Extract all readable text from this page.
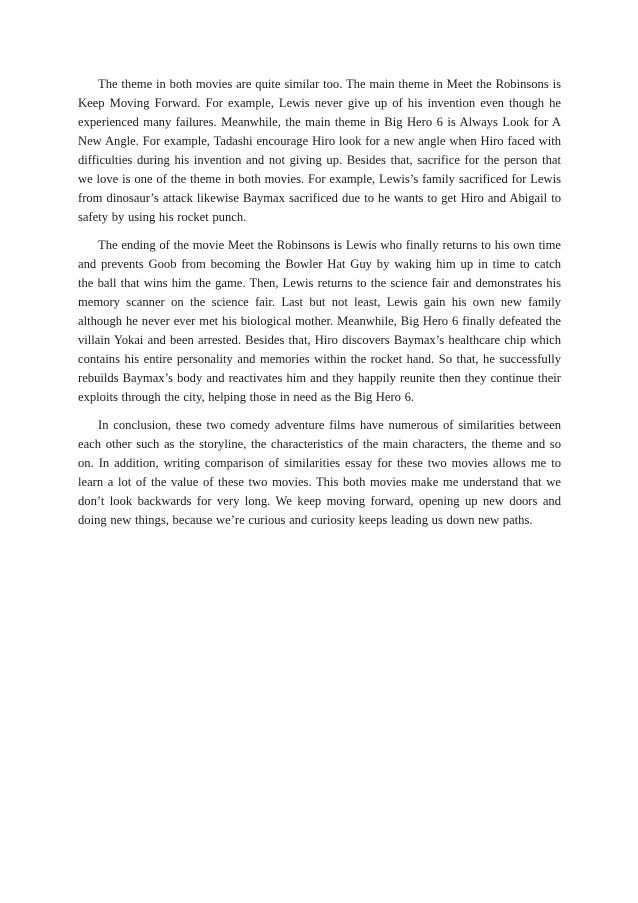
The theme in both movies are quite similar too. The main theme in Meet the Robinsons is Keep Moving Forward. For example, Lewis never give up of his invention even though he experienced many failures. Meanwhile, the main theme in Big Hero 6 is Always Look for A New Angle. For example, Tadashi encourage Hiro look for a new angle when Hiro faced with difficulties during his invention and not giving up. Besides that, sacrifice for the person that we love is one of the theme in both movies. For example, Lewis’s family sacrificed for Lewis from dinosaur’s attack likewise Baymax sacrificed due to he wants to get Hiro and Abigail to safety by using his rocket punch.

The ending of the movie Meet the Robinsons is Lewis who finally returns to his own time and prevents Goob from becoming the Bowler Hat Guy by waking him up in time to catch the ball that wins him the game. Then, Lewis returns to the science fair and demonstrates his memory scanner on the science fair. Last but not least, Lewis gain his own new family although he never ever met his biological mother. Meanwhile, Big Hero 6 finally defeated the villain Yokai and been arrested. Besides that, Hiro discovers Baymax’s healthcare chip which contains his entire personality and memories within the rocket hand. So that, he successfully rebuilds Baymax’s body and reactivates him and they happily reunite then they continue their exploits through the city, helping those in need as the Big Hero 6.

In conclusion, these two comedy adventure films have numerous of similarities between each other such as the storyline, the characteristics of the main characters, the theme and so on. In addition, writing comparison of similarities essay for these two movies allows me to learn a lot of the value of these two movies. This both movies make me understand that we don’t look backwards for very long. We keep moving forward, opening up new doors and doing new things, because we’re curious and curiosity keeps leading us down new paths.
